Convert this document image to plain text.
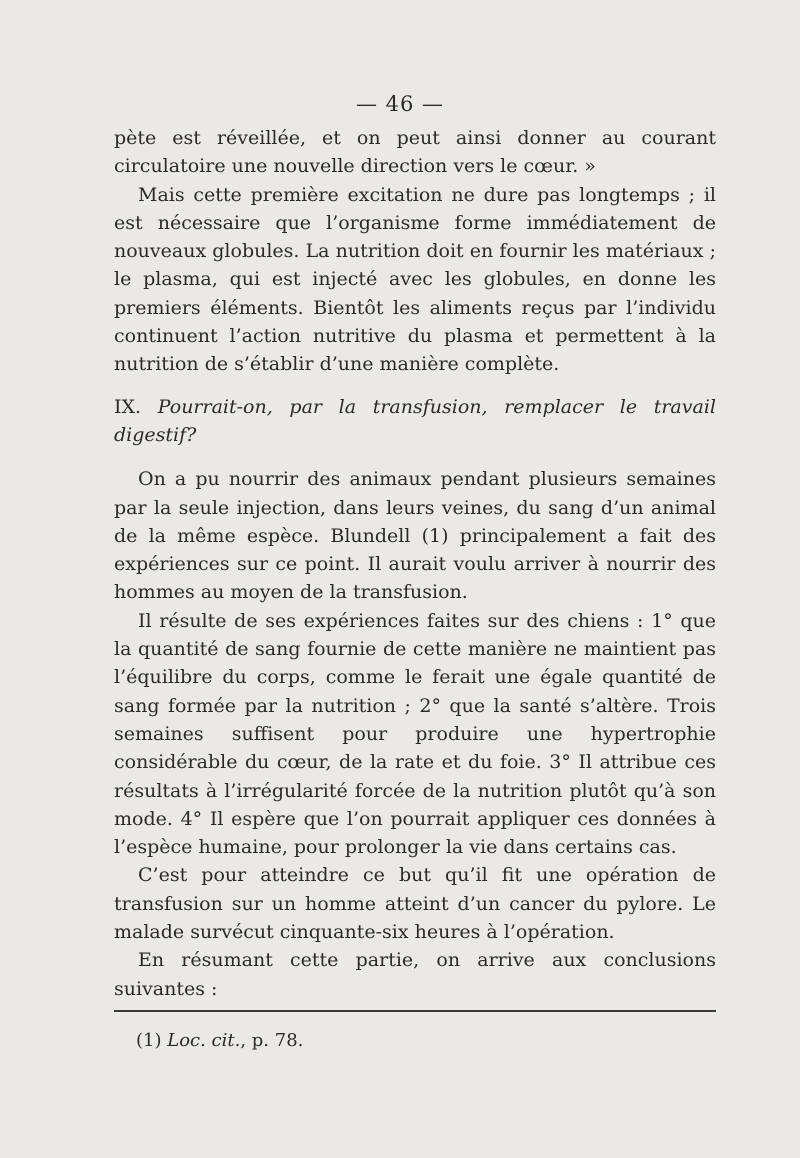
— 46 —

pète est réveillée, et on peut ainsi donner au courant circulatoire une nouvelle direction vers le cœur. »

Mais cette première excitation ne dure pas longtemps ; il est nécessaire que l’organisme forme immédiatement de nouveaux globules. La nutrition doit en fournir les matériaux ; le plasma, qui est injecté avec les globules, en donne les premiers éléments. Bientôt les aliments reçus par l’individu continuent l’action nutritive du plasma et permettent à la nutrition de s’établir d’une manière complète.

IX. Pourrait-on, par la transfusion, remplacer le travail digestif?

On a pu nourrir des animaux pendant plusieurs semaines par la seule injection, dans leurs veines, du sang d’un animal de la même espèce. Blundell (1) principalement a fait des expériences sur ce point. Il aurait voulu arriver à nourrir des hommes au moyen de la transfusion.

Il résulte de ses expériences faites sur des chiens : 1° que la quantité de sang fournie de cette manière ne maintient pas l’équilibre du corps, comme le ferait une égale quantité de sang formée par la nutrition ; 2° que la santé s’altère. Trois semaines suffisent pour produire une hypertrophie considérable du cœur, de la rate et du foie. 3° Il attribue ces résultats à l’irrégularité forcée de la nutrition plutôt qu’à son mode. 4° Il espère que l’on pourrait appliquer ces données à l’espèce humaine, pour prolonger la vie dans certains cas.

C’est pour atteindre ce but qu’il fit une opération de transfusion sur un homme atteint d’un cancer du pylore. Le malade survécut cinquante-six heures à l’opération.

En résumant cette partie, on arrive aux conclusions suivantes :

(1) Loc. cit., p. 78.
